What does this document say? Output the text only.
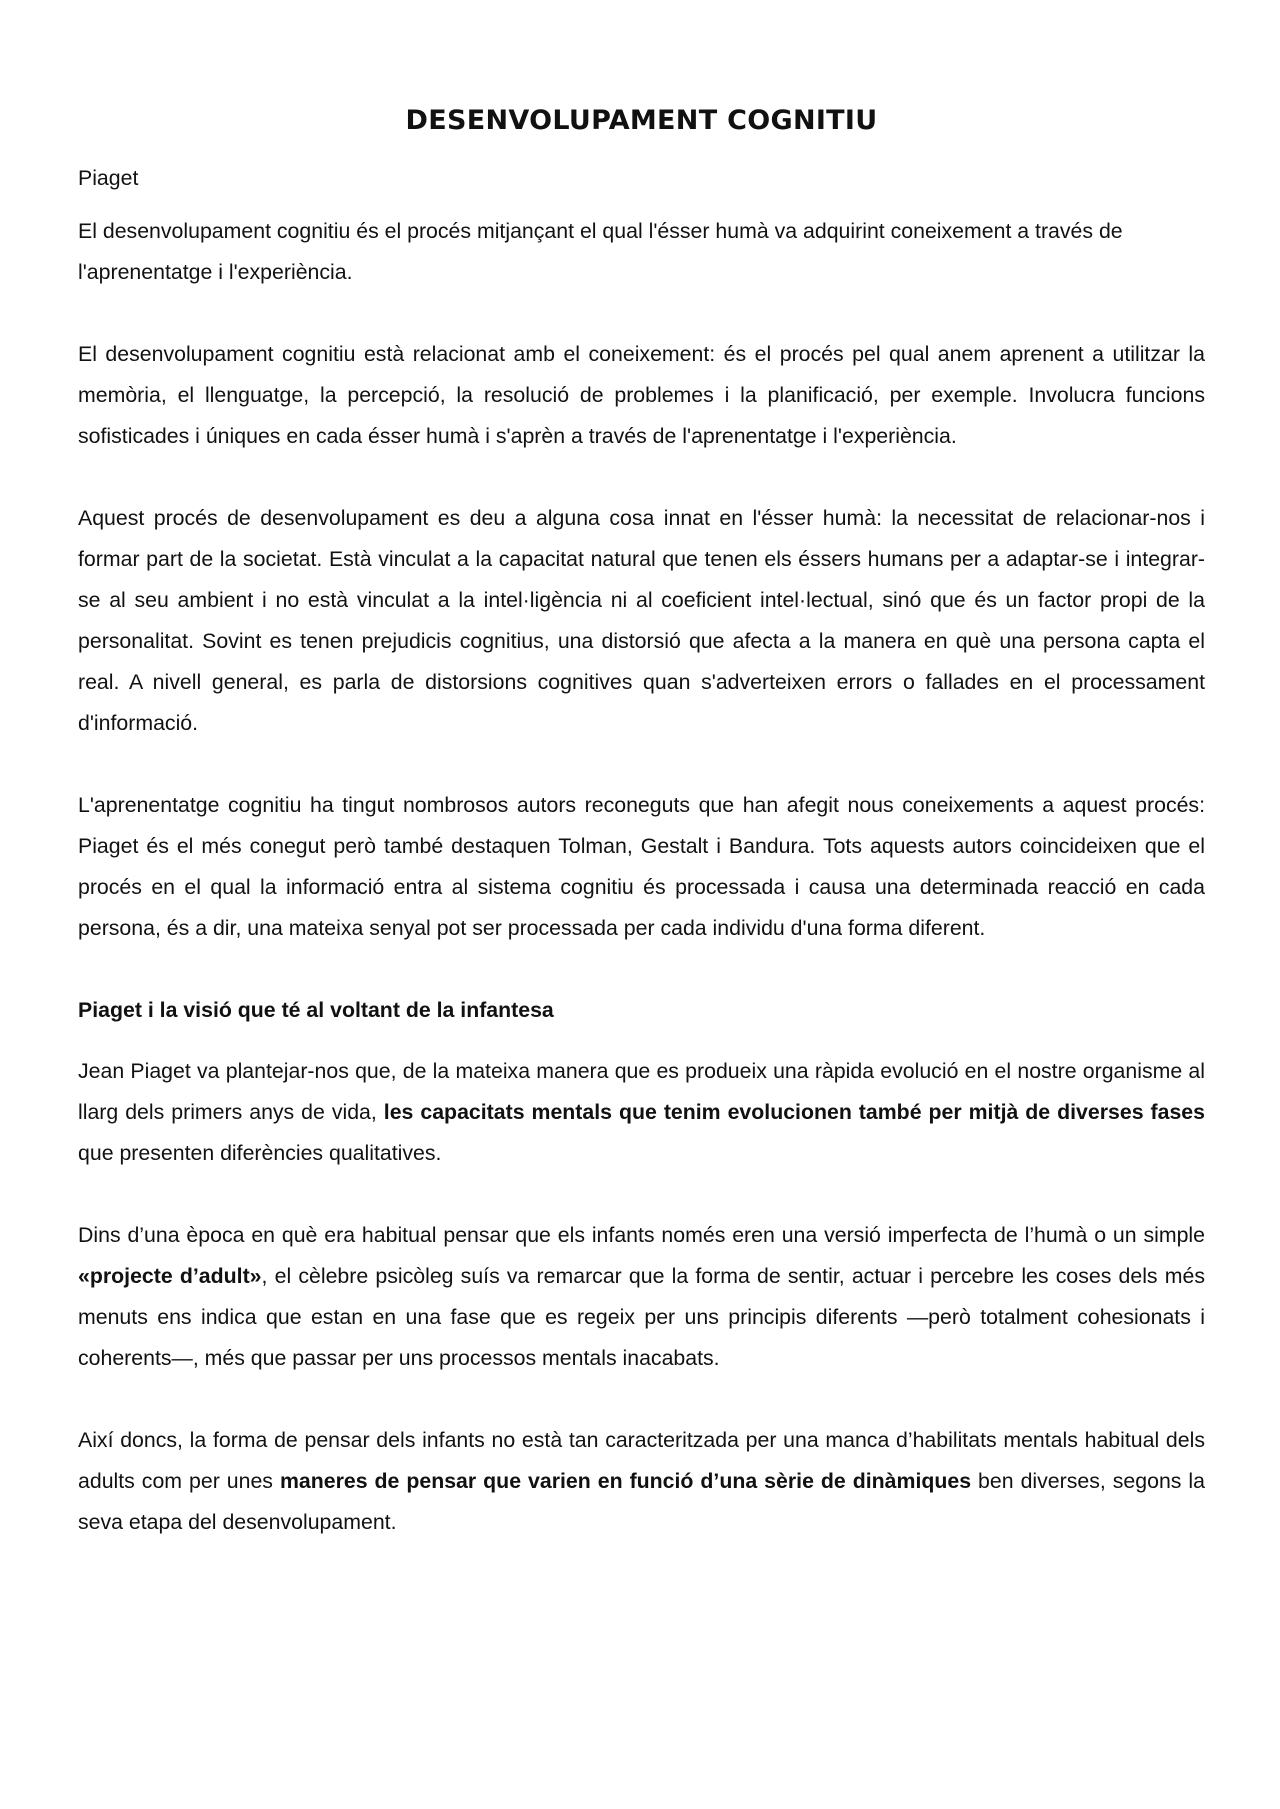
DESENVOLUPAMENT COGNITIU
Piaget

El desenvolupament cognitiu és el procés mitjançant el qual l'ésser humà va adquirint coneixement a través de l'aprenentatge i l'experiència.

El desenvolupament cognitiu està relacionat amb el coneixement: és el procés pel qual anem aprenent a utilitzar la memòria, el llenguatge, la percepció, la resolució de problemes i la planificació, per exemple. Involucra funcions sofisticades i úniques en cada ésser humà i s'aprèn a través de l'aprenentatge i l'experiència.

Aquest procés de desenvolupament es deu a alguna cosa innat en l'ésser humà: la necessitat de relacionar-nos i formar part de la societat. Està vinculat a la capacitat natural que tenen els éssers humans per a adaptar-se i integrar-se al seu ambient i no està vinculat a la intel·ligència ni al coeficient intel·lectual, sinó que és un factor propi de la personalitat. Sovint es tenen prejudicis cognitius, una distorsió que afecta a la manera en què una persona capta el real. A nivell general, es parla de distorsions cognitives quan s'adverteixen errors o fallades en el processament d'informació.

L'aprenentatge cognitiu ha tingut nombrosos autors reconeguts que han afegit nous coneixements a aquest procés: Piaget és el més conegut però també destaquen Tolman, Gestalt i Bandura. Tots aquests autors coincideixen que el procés en el qual la informació entra al sistema cognitiu és processada i causa una determinada reacció en cada persona, és a dir, una mateixa senyal pot ser processada per cada individu d'una forma diferent.

Piaget i la visió que té al voltant de la infantesa

Jean Piaget va plantejar-nos que, de la mateixa manera que es produeix una ràpida evolució en el nostre organisme al llarg dels primers anys de vida, les capacitats mentals que tenim evolucionen també per mitjà de diverses fases que presenten diferències qualitatives.

Dins d’una època en què era habitual pensar que els infants només eren una versió imperfecta de l’humà o un simple «projecte d’adult», el cèlebre psicòleg suís va remarcar que la forma de sentir, actuar i percebre les coses dels més menuts ens indica que estan en una fase que es regeix per uns principis diferents —però totalment cohesionats i coherents—, més que passar per uns processos mentals inacabats.

Així doncs, la forma de pensar dels infants no està tan caracteritzada per una manca d’habilitats mentals habitual dels adults com per unes maneres de pensar que varien en funció d’una sèrie de dinàmiques ben diverses, segons la seva etapa del desenvolupament.
